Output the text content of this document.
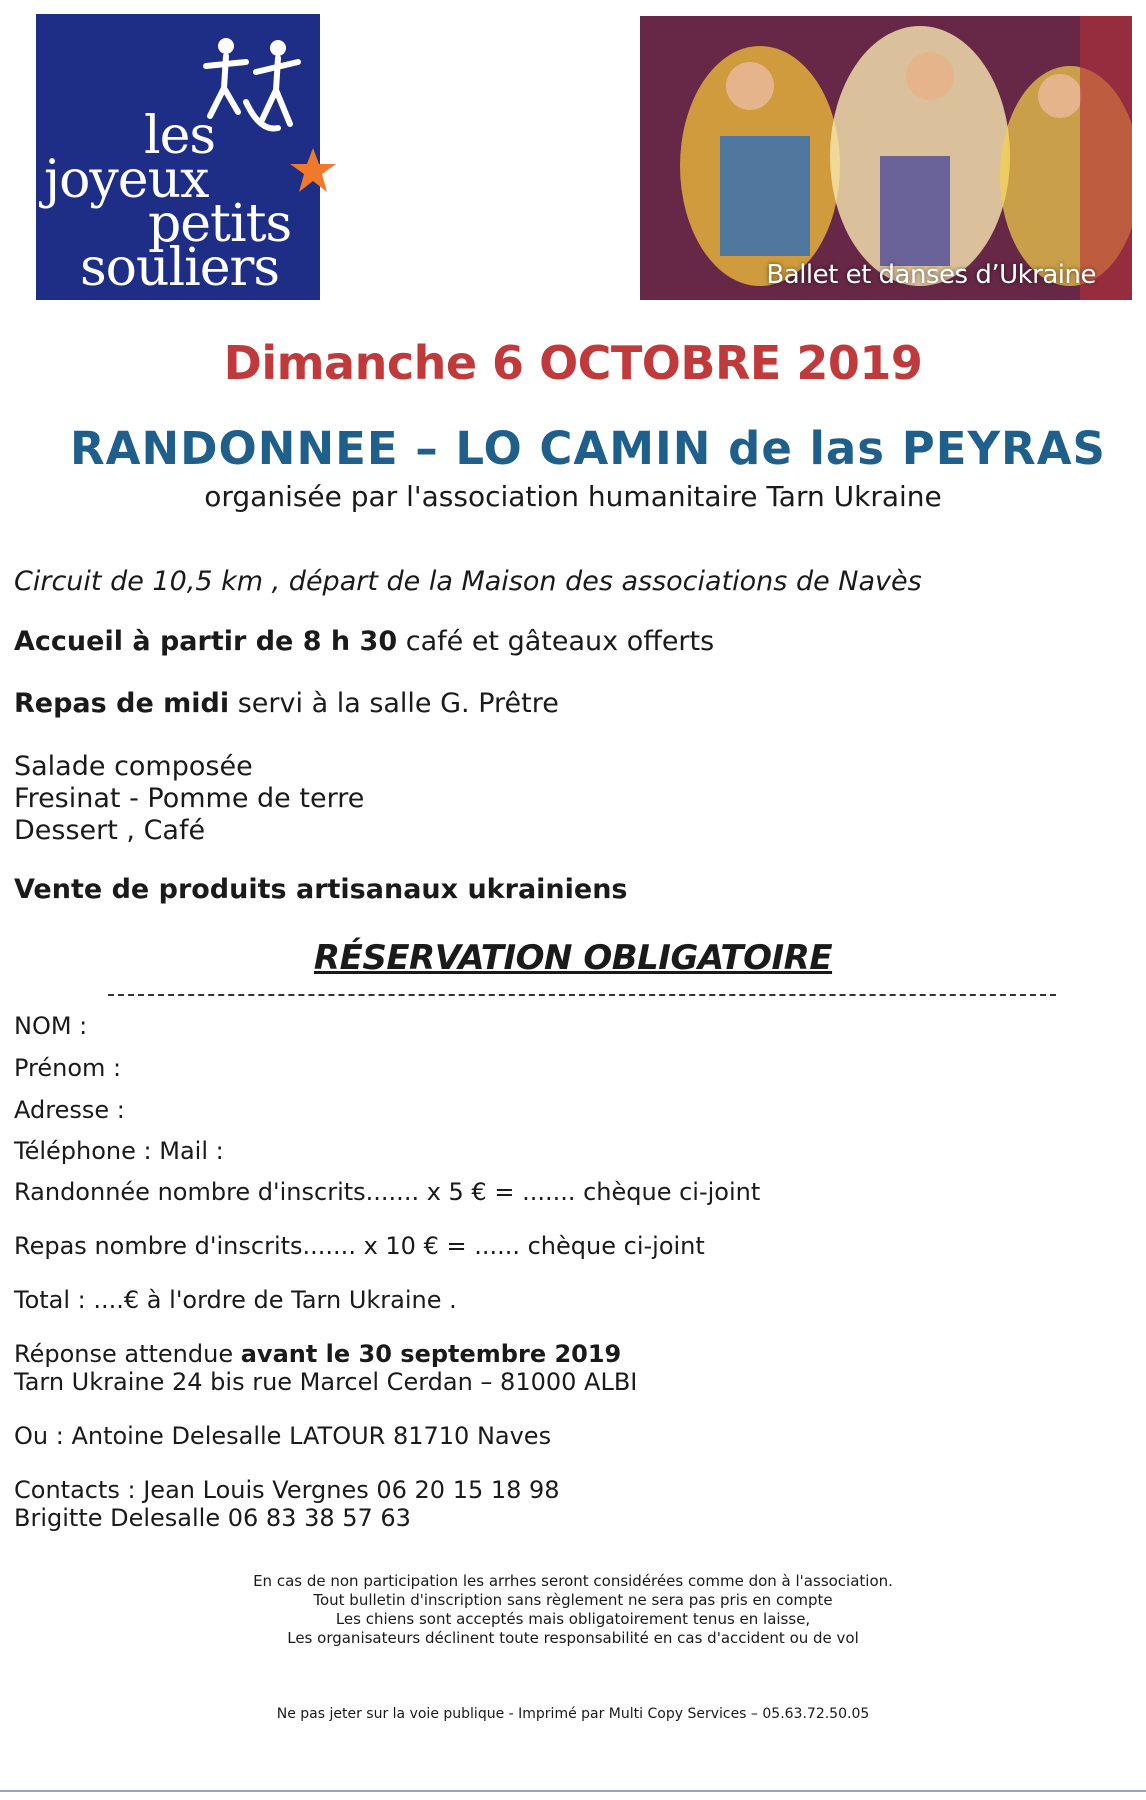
les
joyeux
petits
souliers	Ballet et danses d’Ukraine
Dimanche 6 OCTOBRE 2019
RANDONNEE – LO CAMIN de las PEYRAS
organisée par l'association humanitaire Tarn Ukraine
Circuit de 10,5 km , départ de la Maison des associations de Navès
Accueil à partir de 8 h 30 café et gâteaux offerts
Repas de midi servi à la salle G. Prêtre
Salade composée
Fresinat - Pomme de terre
Dessert , Café
Vente de produits artisanaux ukrainiens
RÉSERVATION OBLIGATOIRE
NOM :
Prénom :
Adresse :
Téléphone : Mail :
Randonnée nombre d'inscrits....... x 5 € = ....... chèque ci-joint
Repas nombre d'inscrits....... x 10 € = ...... chèque ci-joint
Total : ....€ à l'ordre de Tarn Ukraine .
Réponse attendue avant le 30 septembre 2019
Tarn Ukraine 24 bis rue Marcel Cerdan – 81000 ALBI
Ou : Antoine Delesalle LATOUR 81710 Naves
Contacts : Jean Louis Vergnes 06 20 15 18 98
Brigitte Delesalle 06 83 38 57 63
En cas de non participation les arrhes seront considérées comme don à l'association.
Tout bulletin d'inscription sans règlement ne sera pas pris en compte
Les chiens sont acceptés mais obligatoirement tenus en laisse,
Les organisateurs déclinent toute responsabilité en cas d'accident ou de vol
Ne pas jeter sur la voie publique - Imprimé par Multi Copy Services – 05.63.72.50.05
